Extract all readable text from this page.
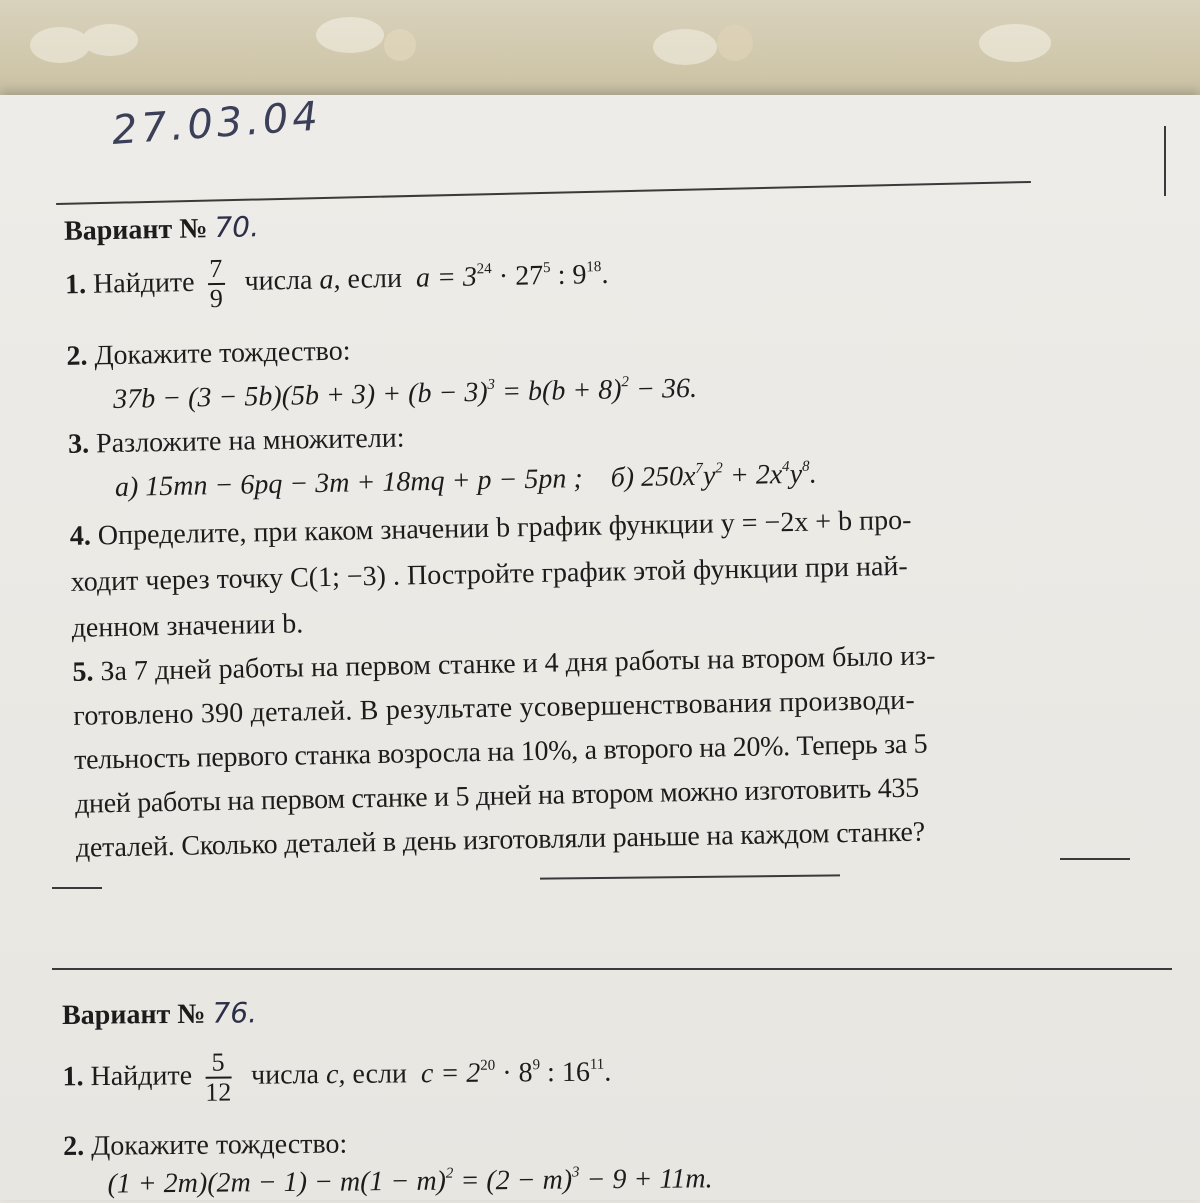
27.03.04
Вариант № 70.
1. Найдите $\frac{7}{9}$ числа a, если $a = 3^{24} \cdot 27^5$ : $9^{18}$.
2. Докажите тождество:
$37b - (3 - 5b)(5b + 3) + (b - 3)^3 = b(b + 8)^2 - 36$.
3. Разложите на множители:
а) 15mn − 6pq − 3m + 18mq + p − 5pn ; б) $250x^7y^2 + 2x^4y^8$.
4. Определите, при каком значении b график функции y = −2x + b про-
ходит через точку C(1; −3) . Постройте график этой функции при най-
денном значении b.
5. За 7 дней работы на первом станке и 4 дня работы на втором было из-
готовлено 390 деталей. В результате усовершенствования производи-
тельность первого станка возросла на 10%, а второго на 20%. Теперь за 5
дней работы на первом станке и 5 дней на втором можно изготовить 435
деталей. Сколько деталей в день изготовляли раньше на каждом станке?
Вариант № 76.
1. Найдите $\frac{5}{12}$ числа c, если $c = 2^{20} \cdot 8^9$ : $16^{11}$.
2. Докажите тождество:
$(1 + 2m)(2m - 1) - m(1 - m)^2 = (2 - m)^3 - 9 + 11m$.
